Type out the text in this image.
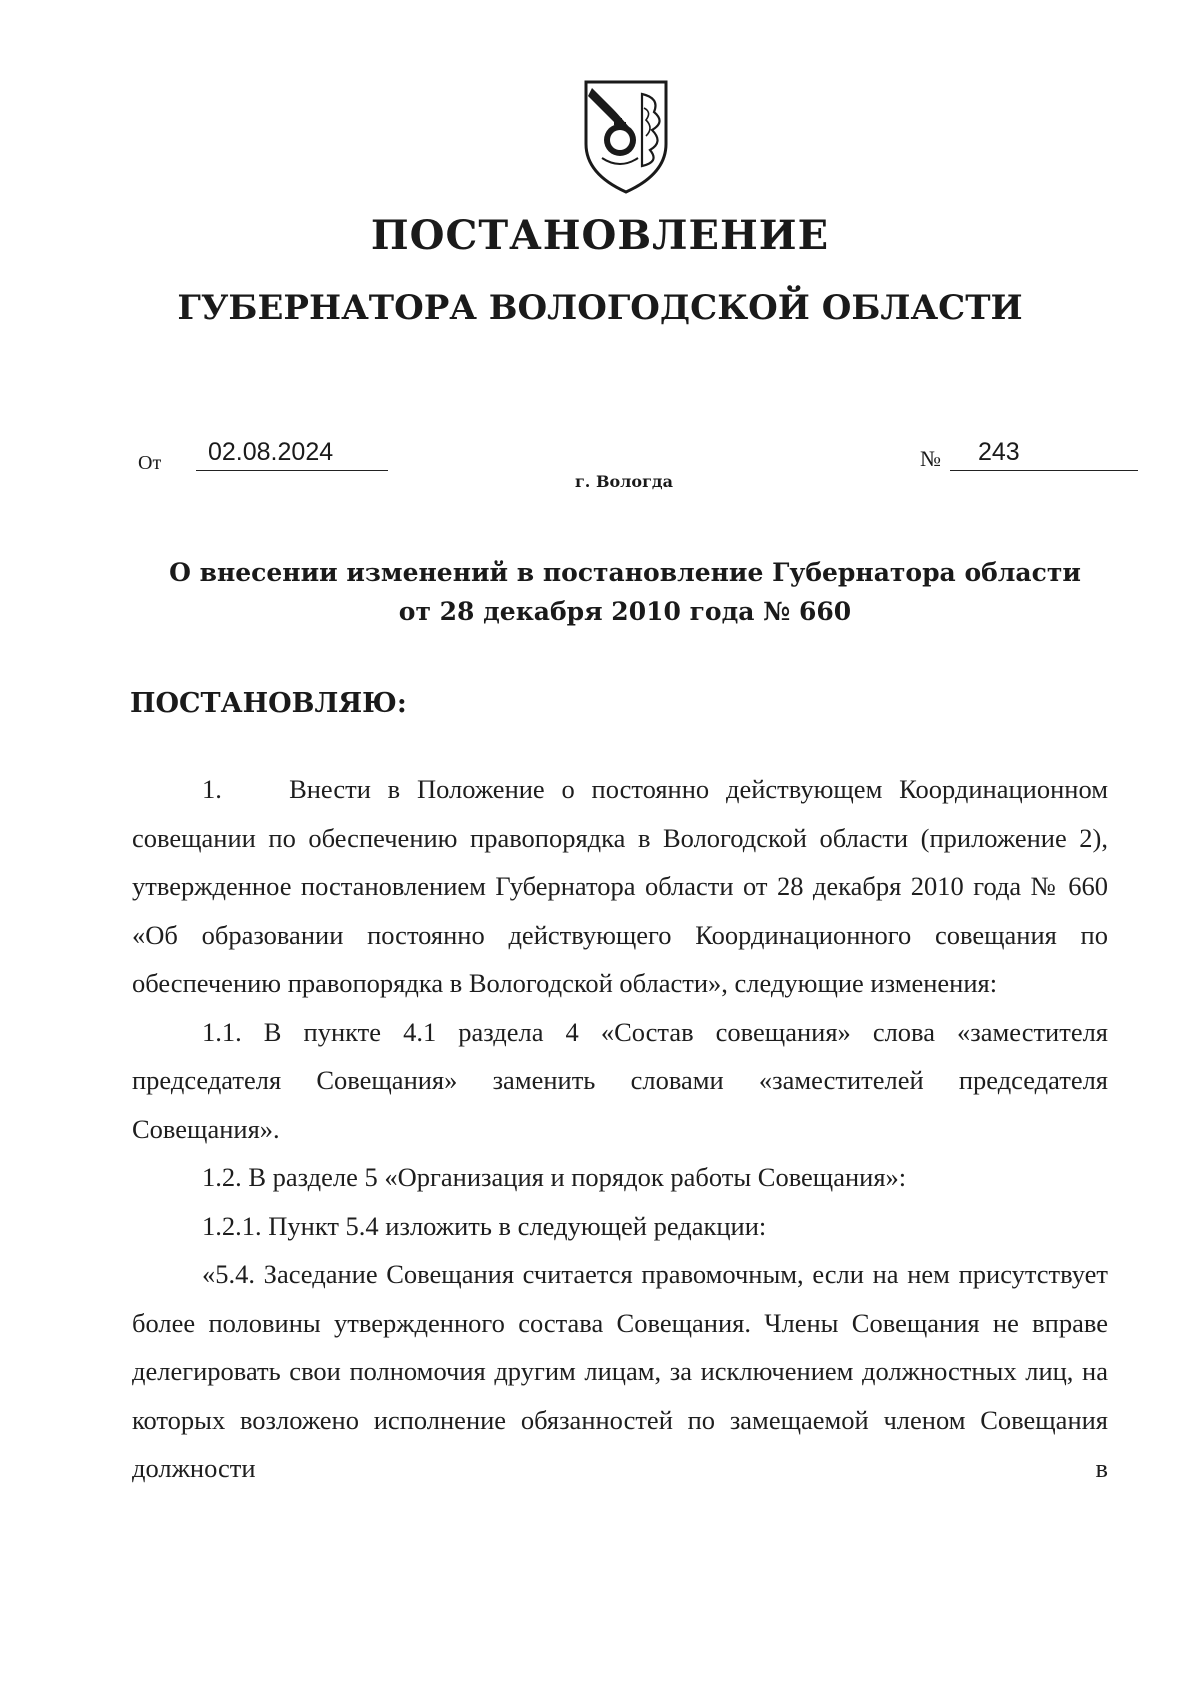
ПОСТАНОВЛЕНИЕ
ГУБЕРНАТОРА ВОЛОГОДСКОЙ ОБЛАСТИ
От	02.08.2024	№	243
г. Вологда
О внесении изменений в постановление Губернатора области
от 28 декабря 2010 года № 660
ПОСТАНОВЛЯЮ:

1.    Внести в Положение о постоянно действующем Координационном совещании по обеспечению правопорядка в Вологодской области (приложение 2), утвержденное постановлением Губернатора области от 28 декабря 2010 года № 660 «Об образовании постоянно действующего Координационного совещания по обеспечению правопорядка в Вологодской области», следующие изменения:

1.1. В пункте 4.1 раздела 4 «Состав совещания» слова «заместителя председателя Совещания» заменить словами «заместителей председателя Совещания».

1.2. В разделе 5 «Организация и порядок работы Совещания»:

1.2.1. Пункт 5.4 изложить в следующей редакции:

«5.4. Заседание Совещания считается правомочным, если на нем присутствует более половины утвержденного состава Совещания. Члены Совещания не вправе делегировать свои полномочия другим лицам, за исключением должностных лиц, на которых возложено исполнение обязанностей по замещаемой членом Совещания должности в
